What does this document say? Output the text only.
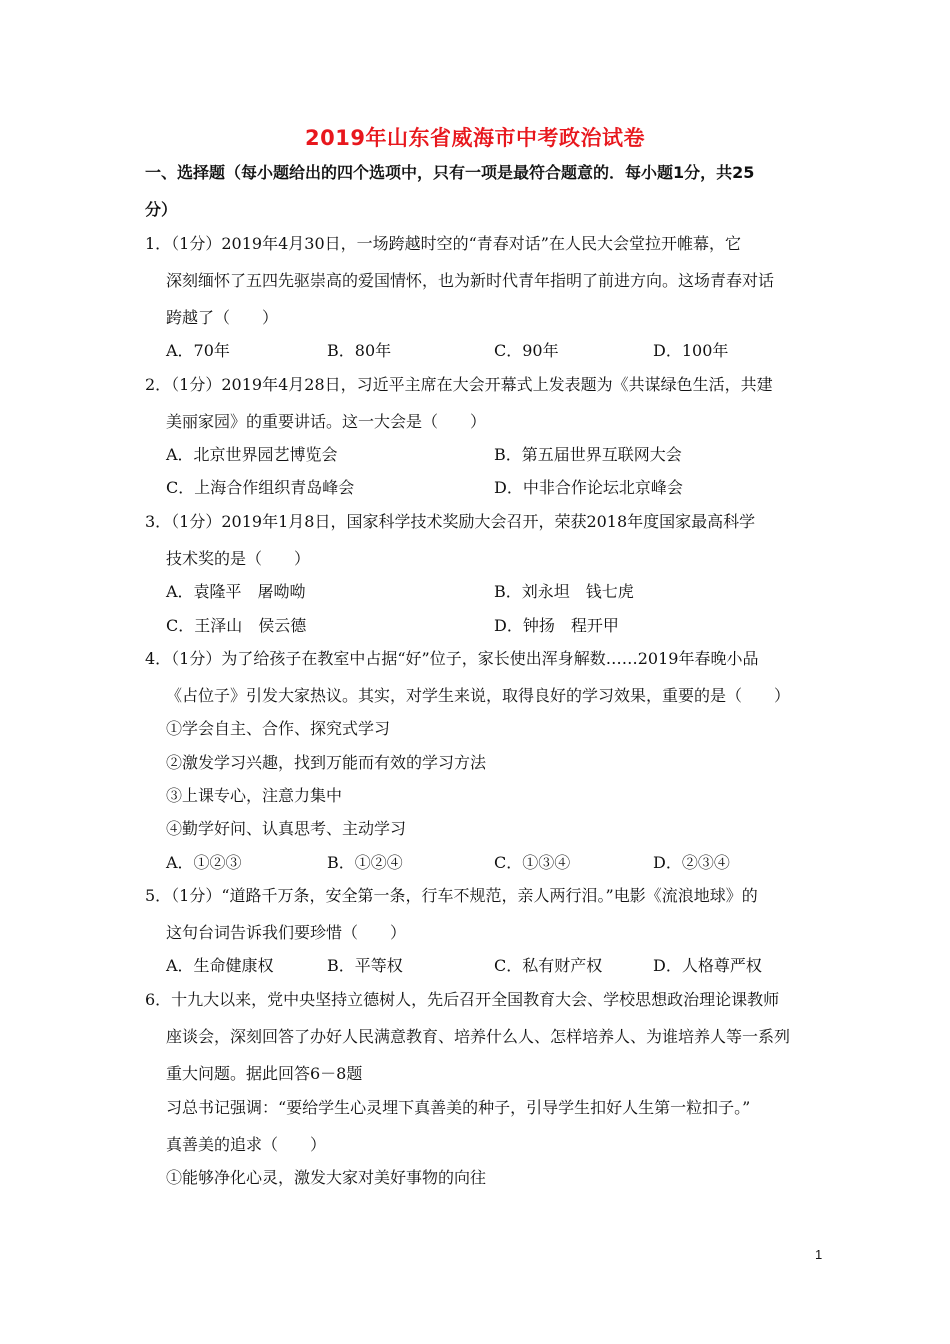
2019年山东省威海市中考政治试卷
一、选择题（每小题给出的四个选项中，只有一项是最符合题意的．每小题1分，共25
分）
1．（1分）2019年4月30日，一场跨越时空的“青春对话”在人民大会堂拉开帷幕，它
深刻缅怀了五四先驱崇高的爱国情怀，也为新时代青年指明了前进方向。这场青春对话
跨越了（　　）
A．70年	B．80年	C．90年	D．100年
2．（1分）2019年4月28日，习近平主席在大会开幕式上发表题为《共谋绿色生活，共建
美丽家园》的重要讲话。这一大会是（　　）
A．北京世界园艺博览会	B．第五届世界互联网大会
C．上海合作组织青岛峰会	D．中非合作论坛北京峰会
3．（1分）2019年1月8日，国家科学技术奖励大会召开，荣获2018年度国家最高科学
技术奖的是（　　）
A．袁隆平　屠呦呦	B．刘永坦　钱七虎
C．王泽山　侯云德	D．钟扬　程开甲
4．（1分）为了给孩子在教室中占据“好”位子，家长使出浑身解数……2019年春晚小品
《占位子》引发大家热议。其实，对学生来说，取得良好的学习效果，重要的是（　　）
①学会自主、合作、探究式学习
②激发学习兴趣，找到万能而有效的学习方法
③上课专心，注意力集中
④勤学好问、认真思考、主动学习
A．①②③	B．①②④	C．①③④	D．②③④
5．（1分）“道路千万条，安全第一条，行车不规范，亲人两行泪。”电影《流浪地球》的
这句台词告诉我们要珍惜（　　）
A．生命健康权	B．平等权	C．私有财产权	D．人格尊严权
6．十九大以来，党中央坚持立德树人，先后召开全国教育大会、学校思想政治理论课教师
座谈会，深刻回答了办好人民满意教育、培养什么人、怎样培养人、为谁培养人等一系列
重大问题。据此回答6－8题
习总书记强调：“要给学生心灵埋下真善美的种子，引导学生扣好人生第一粒扣子。”
真善美的追求（　　）
①能够净化心灵，激发大家对美好事物的向往
1
